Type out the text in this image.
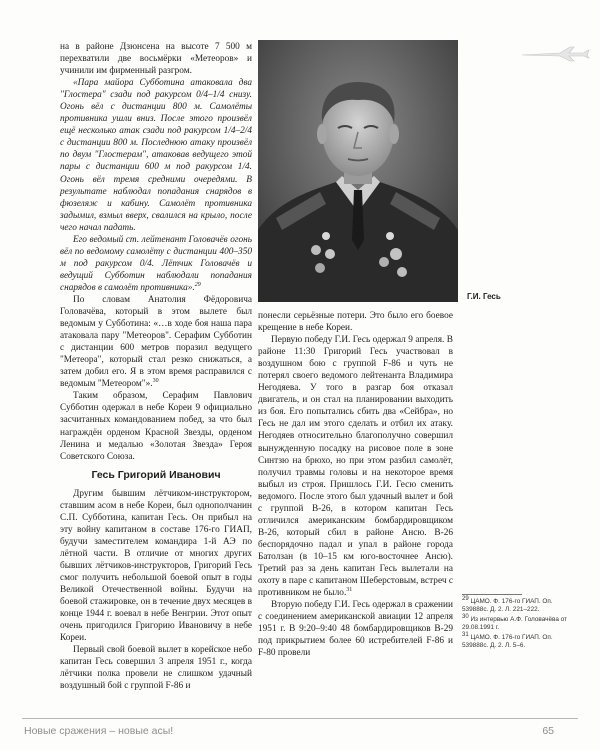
на в районе Дзюнсена на высоте 7 500 м перехватили две восьмёрки «Метеоров» и учинили им фирменный разгром.

«Пара майора Субботина атаковала два "Глостера" сзади под ракурсом 0/4–1/4 снизу. Огонь вёл с дистанции 800 м. Самолёты противника ушли вниз. После этого произвёл ещё несколько атак сзади под ракурсом 1/4–2/4 с дистанции 800 м. Последнюю атаку произвёл по двум "Глостерам", атаковав ведущего этой пары с дистанции 600 м под ракурсом 1/4. Огонь вёл тремя средними очередями. В результате наблюдал попадания снарядов в фюзеляж и кабину. Самолёт противника задымил, взмыл вверх, свалился на крыло, после чего начал падать.

Его ведомый ст. лейтенант Головачёв огонь вёл по ведомому самолёту с дистанции 400–350 м под ракурсом 0/4. Лётчик Головачёв и ведущий Субботин наблюдали попадания снарядов в самолёт противника».$^{29}$

По словам Анатолия Фёдоровича Головачёва, который в этом вылете был ведомым у Субботина: «…в ходе боя наша пара атаковала пару "Метеоров". Серафим Субботин с дистанции 600 метров поразил ведущего "Метеора", который стал резко снижаться, а затем добил его. Я в этом время расправился с ведомым "Метеором"».$^{30}$

Таким образом, Серафим Павлович Субботин одержал в небе Кореи 9 официально засчитанных командованием побед, за что был награждён орденом Красной Звезды, орденом Ленина и медалью «Золотая Звезда» Героя Советского Союза.

Гесь Григорий Иванович

Другим бывшим лётчиком-инструктором, ставшим асом в небе Кореи, был однополчанин С.П. Субботина, капитан Гесь. Он прибыл на эту войну капитаном в составе 176-го ГИАП, будучи заместителем командира 1-й АЭ по лётной части. В отличие от многих других бывших лётчиков-инструкторов, Григорий Гесь смог получить небольшой боевой опыт в годы Великой Отечественной войны. Будучи на боевой стажировке, он в течение двух месяцев в конце 1944 г. воевал в небе Венгрии. Этот опыт очень пригодился Григорию Ивановичу в небе Кореи.

Первый свой боевой вылет в корейское небо капитан Гесь совершил 3 апреля 1951 г., когда лётчики полка провели не слишком удачный воздушный бой с группой F-86 и

Г.И. Гесь

понесли серьёзные потери. Это было его боевое крещение в небе Кореи.

Первую победу Г.И. Гесь одержал 9 апреля. В районе 11:30 Григорий Гесь участвовал в воздушном бою с группой F-86 и чуть не потерял своего ведомого лейтенанта Владимира Негодяева. У того в разгар боя отказал двигатель, и он стал на планировании выходить из боя. Его попытались сбить два «Сейбра», но Гесь не дал им этого сделать и отбил их атаку. Негодяев относительно благополучно совершил вынужденную посадку на рисовое поле в зоне Синтзю на брюхо, но при этом разбил самолёт, получил травмы головы и на некоторое время выбыл из строя. Пришлось Г.И. Гесю сменить ведомого. После этого был удачный вылет и бой с группой В-26, в котором капитан Гесь отличился американским бомбардировщиком В-26, который сбил в районе Ансю. В-26 беспорядочно падал и упал в районе города Батолзан (в 10–15 км юго-восточнее Ансю). Третий раз за день капитан Гесь вылетали на охоту в паре с капитаном Шеберстовым, встреч с противником не было.$^{31}$

Вторую победу Г.И. Гесь одержал в сражении с соединением американской авиации 12 апреля 1951 г. В 9:20–9:40 48 бомбардировщиков В-29 под прикрытием более 60 истребителей F-86 и F-80 провели

$^{29}$ ЦАМО. Ф. 176-го ГИАП. Оп. 539888с. Д. 2. Л. 221–222.
$^{30}$ Из интервью А.Ф. Головачёва от 29.08.1991 г.
$^{31}$ ЦАМО. Ф. 176-го ГИАП. Оп. 539888с. Д. 2. Л. 5–6.
Новые сражения – новые асы!	65
